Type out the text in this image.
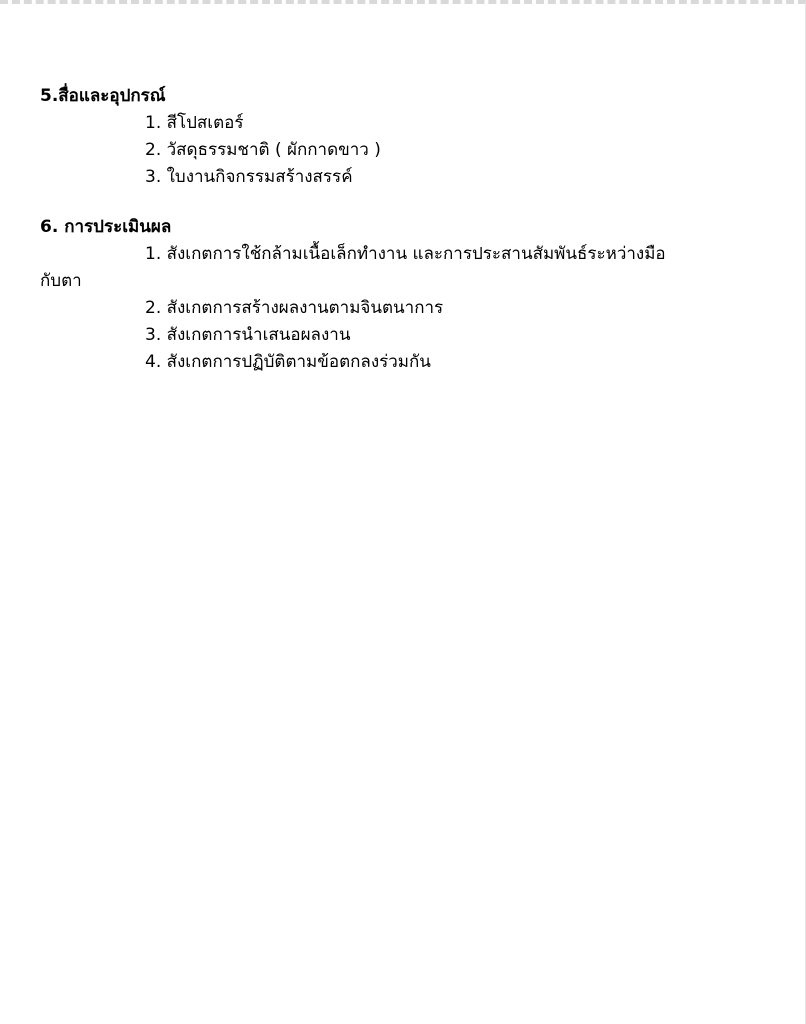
5.สื่อและอุปกรณ์
1. สีโปสเตอร์
2. วัสดุธรรมชาติ ( ผักกาดขาว )
3. ใบงานกิจกรรมสร้างสรรค์
6. การประเมินผล
1. สังเกตการใช้กล้ามเนื้อเล็กทำงาน และการประสานสัมพันธ์ระหว่างมือ
กับตา
2. สังเกตการสร้างผลงานตามจินตนาการ
3. สังเกตการนำเสนอผลงาน
4. สังเกตการปฏิบัติตามข้อตกลงร่วมกัน
